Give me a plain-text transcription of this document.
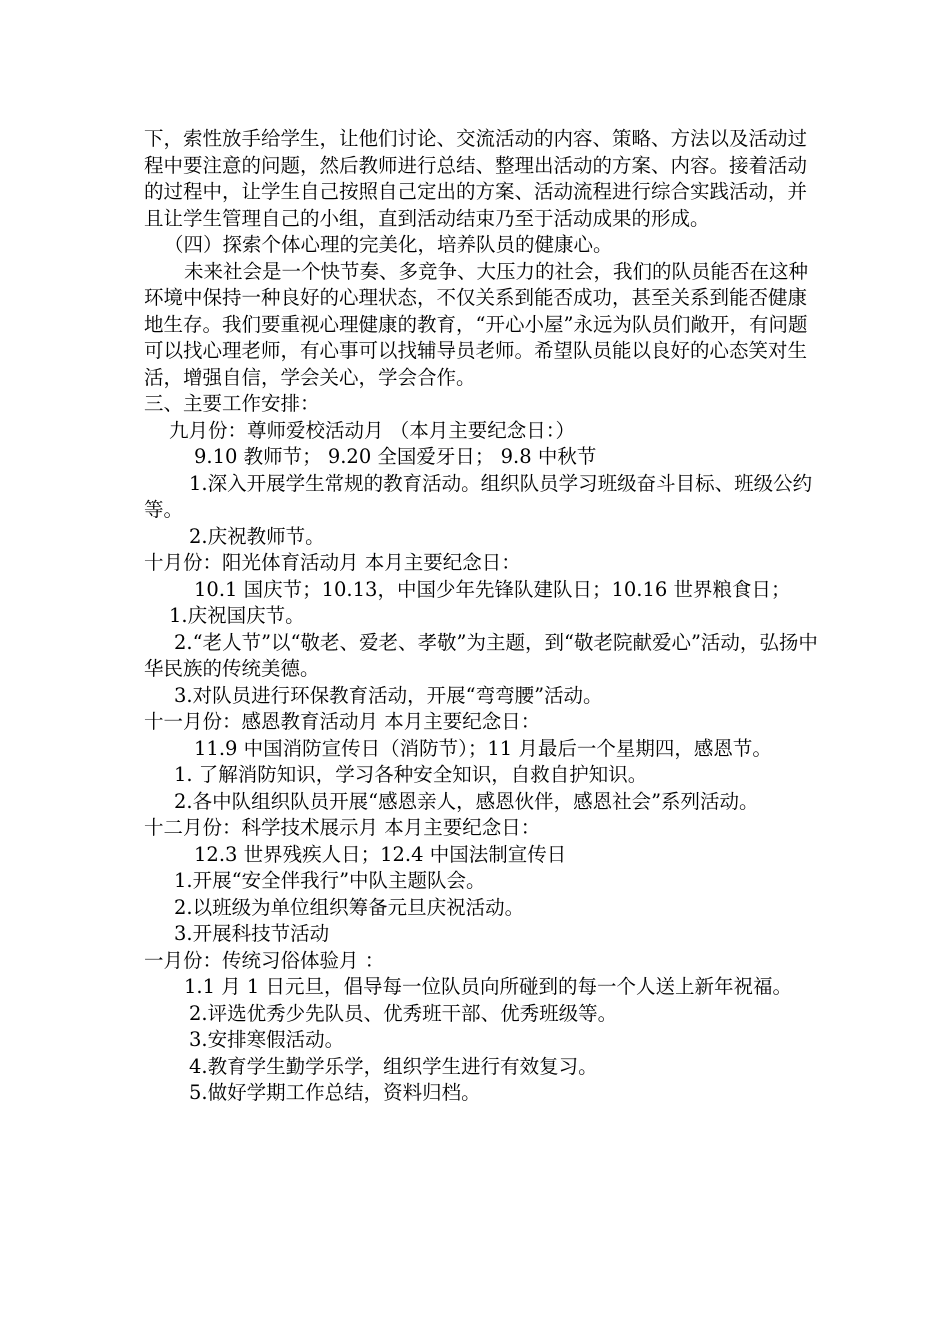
下，索性放手给学生，让他们讨论、交流活动的内容、策略、方法以及活动过程中要注意的问题，然后教师进行总结、整理出活动的方案、内容。接着活动的过程中，让学生自己按照自己定出的方案、活动流程进行综合实践活动，并且让学生管理自己的小组，直到活动结束乃至于活动成果的形成。

（四）探索个体心理的完美化，培养队员的健康心。

未来社会是一个快节奏、多竞争、大压力的社会，我们的队员能否在这种环境中保持一种良好的心理状态，不仅关系到能否成功，甚至关系到能否健康地生存。我们要重视心理健康的教育，“开心小屋”永远为队员们敞开，有问题可以找心理老师，有心事可以找辅导员老师。希望队员能以良好的心态笑对生活，增强自信，学会关心，学会合作。

三、主要工作安排：

九月份：尊师爱校活动月 （本月主要纪念日：）

9.10 教师节； 9.20 全国爱牙日； 9.8 中秋节

1.深入开展学生常规的教育活动。组织队员学习班级奋斗目标、班级公约等。

2.庆祝教师节。

十月份：阳光体育活动月 本月主要纪念日：

10.1 国庆节；10.13，中国少年先锋队建队日；10.16 世界粮食日；

1.庆祝国庆节。

2.“老人节”以“敬老、爱老、孝敬”为主题，到“敬老院献爱心”活动，弘扬中华民族的传统美德。

3.对队员进行环保教育活动，开展“弯弯腰”活动。

十一月份：感恩教育活动月 本月主要纪念日：

11.9 中国消防宣传日（消防节）；11 月最后一个星期四，感恩节。

1. 了解消防知识，学习各种安全知识，自救自护知识。

2.各中队组织队员开展“感恩亲人，感恩伙伴，感恩社会”系列活动。

十二月份：科学技术展示月 本月主要纪念日：

12.3 世界残疾人日；12.4 中国法制宣传日

1.开展“安全伴我行”中队主题队会。

2.以班级为单位组织筹备元旦庆祝活动。

3.开展科技节活动

一月份：传统习俗体验月 ：

1.1 月 1 日元旦，倡导每一位队员向所碰到的每一个人送上新年祝福。

2.评选优秀少先队员、优秀班干部、优秀班级等。

3.安排寒假活动。

4.教育学生勤学乐学，组织学生进行有效复习。

5.做好学期工作总结，资料归档。
